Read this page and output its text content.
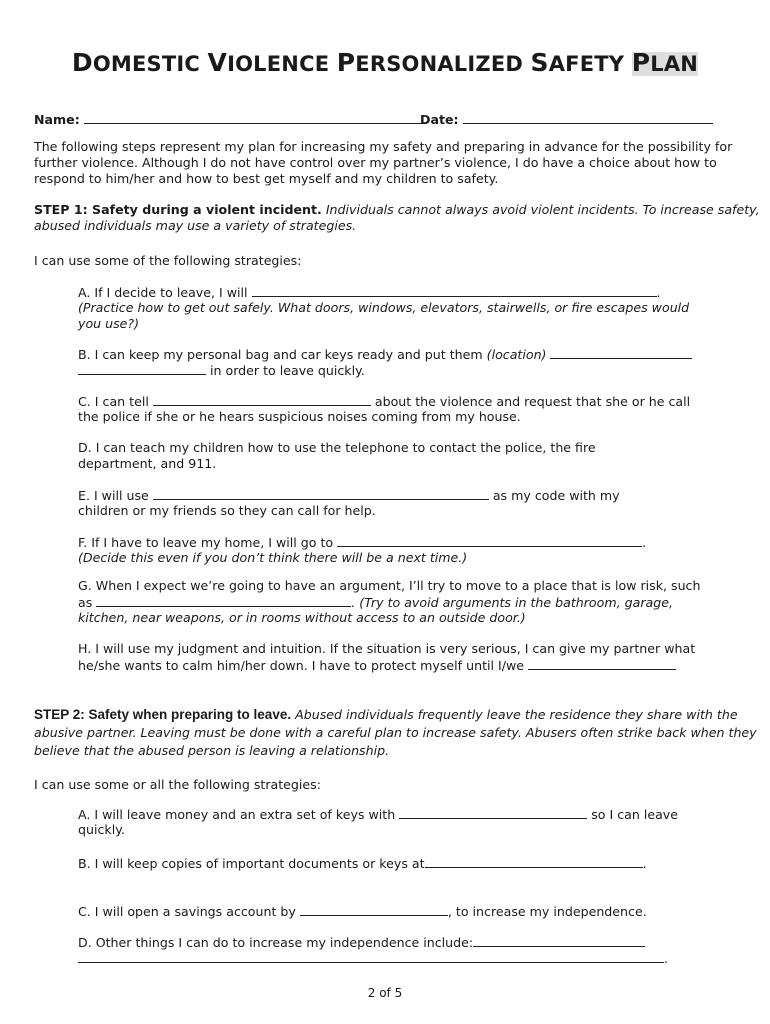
DOMESTIC VIOLENCE PERSONALIZED SAFETY PLAN
Name:	Date:
The following steps represent my plan for increasing my safety and preparing in advance for the possibility for
further violence. Although I do not have control over my partner’s violence, I do have a choice about how to
respond to him/her and how to best get myself and my children to safety.
STEP 1: Safety during a violent incident. Individuals cannot always avoid violent incidents. To increase safety,
abused individuals may use a variety of strategies.
I can use some of the following strategies:
A. If I decide to leave, I will	.
(Practice how to get out safely. What doors, windows, elevators, stairwells, or fire escapes would
you use?)
B. I can keep my personal bag and car keys ready and put them (location)
in order to leave quickly.
C. I can tell	about the violence and request that she or he call
the police if she or he hears suspicious noises coming from my house.
D. I can teach my children how to use the telephone to contact the police, the fire
department, and 911.
E. I will use	as my code with my
children or my friends so they can call for help.
F. If I have to leave my home, I will go to	.
(Decide this even if you don’t think there will be a next time.)
G. When I expect we’re going to have an argument, I’ll try to move to a place that is low risk, such
as	. (Try to avoid arguments in the bathroom, garage,
kitchen, near weapons, or in rooms without access to an outside door.)
H. I will use my judgment and intuition. If the situation is very serious, I can give my partner what
he/she wants to calm him/her down. I have to protect myself until I/we
STEP 2: Safety when preparing to leave. Abused individuals frequently leave the residence they share with the
abusive partner. Leaving must be done with a careful plan to increase safety. Abusers often strike back when they
believe that the abused person is leaving a relationship.
I can use some or all the following strategies:
A. I will leave money and an extra set of keys with	so I can leave
quickly.
B. I will keep copies of important documents or keys at	.
C. I will open a savings account by	, to increase my independence.
D. Other things I can do to increase my independence include:
.
2 of 5
